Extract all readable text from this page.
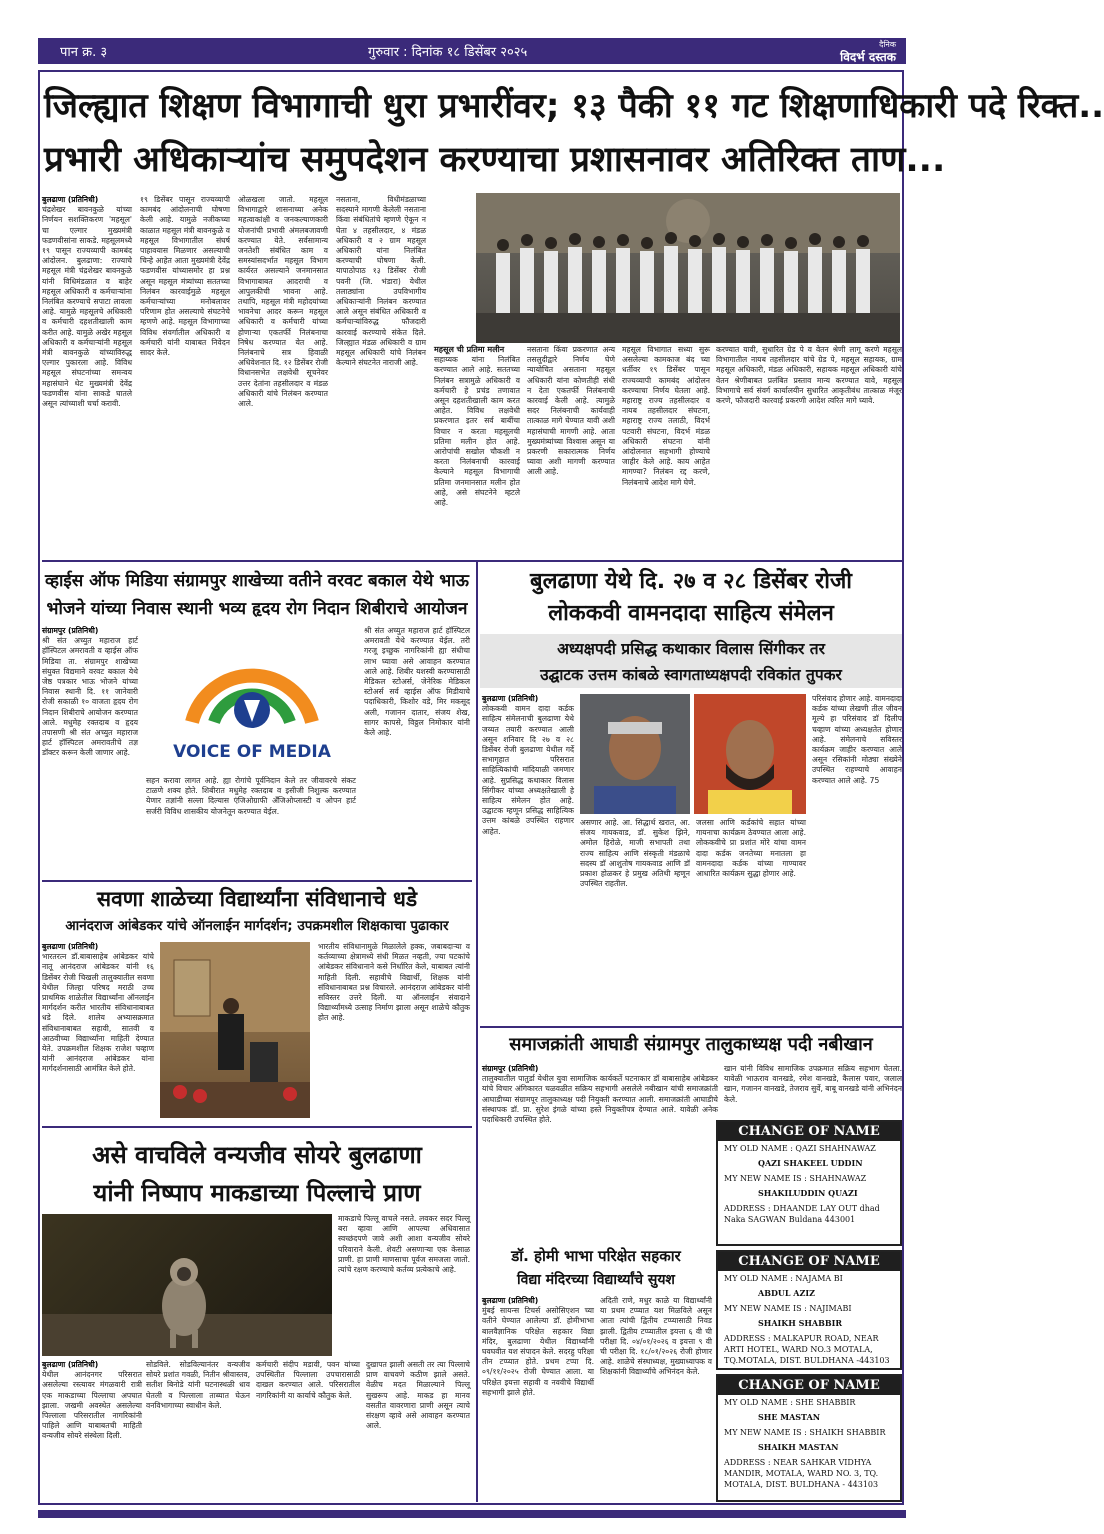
पान क्र. ३	गुरुवार : दिनांक १८ डिसेंबर २०२५
दैनिक
विदर्भ दस्तक
जिल्ह्यात शिक्षण विभागाची धुरा प्रभारींवर; १३ पैकी ११ गट शिक्षणाधिकारी पदे रिक्त..
प्रभारी अधिकाऱ्यांच समुपदेशन करण्याचा प्रशासनावर अतिरिक्त ताण...
बुलढाणा (प्रतिनिधी)
चंद्रशेखर बावनकुळे यांच्या निर्णयन सशक्तिकरण 'महसूल' चा एल्गार मुख्यमंत्री फडणवीसांना साकडे. महसूलमध्ये १९ पासून राज्यव्यापी कामबंद आंदोलन. बुलढाणा: राज्याचे महसूल मंत्री चंद्रशेखर बावनकुळे यांनी विधिमंडळात व बाहेर महसूल अधिकारी व कर्मचाऱ्यांना निलंबित करण्याचे सपाटा लावला आहे. यामुळे महसूलचे अधिकारी व कर्मचारी दहशतीखाली काम करीत आहे. यामुळे अखेर महसूल अधिकारी व कर्मचाऱ्यांनी महसूल मंत्री बावनकुळे यांच्याविरुद्ध एल्गार पुकारला आहे. विविध महसूल संघटनांच्या समन्वय महासंघाने थेट मुख्यमंत्री देवेंद्र फडणवीस यांना साकडे घातले असून त्यांच्याशी चर्चा करावी.
१९ डिसेंबर पासून राज्यव्यापी कामबंद आंदोलनाची घोषणा केली आहे. यामुळे नजीकच्या काळात महसूल मंत्री बावनकुळे व महसूल विभागातील संघर्ष पाहावयास मिळणार असल्याची चिन्हे आहेत आता मुख्यमंत्री देवेंद्र फडणवीस यांच्यासमोर हा प्रश्न असून महसूल मंत्र्यांच्या सततच्या निलंबन कारवाईमुळे महसूल कर्मचाऱ्यांच्या मनोबलावर परिणाम होत असल्याचे संघटनेचे म्हणणे आहे. महसूल विभागाच्या विविध संवर्गातील अधिकारी व कर्मचारी यांनी याबाबत निवेदन सादर केले.
ओळखला जातो. महसूल विभागाद्वारे शासनाच्या अनेक महत्वाकांक्षी व जनकल्याणकारी योजनांची प्रभावी अंमलबजावणी करण्यात येते. सर्वसामान्य जनतेशी संबंधित काम व समस्यांसदर्भात महसूल विभाग कार्यरत असल्याने जनमानसात विभागाबाबत आदराची व आपुलकीची भावना आहे. तथापि, महसूल मंत्री महोदयांच्या भावनेचा आदर करून महसूल अधिकारी व कर्मचारी यांच्या होणाऱ्या एकतर्फी निलंबनाचा निषेध करण्यात येत आहे. निलंबनाचे सत्र हिवाळी अधिवेशनात दि. १२ डिसेंबर रोजी विधानसभेत लक्षवेधी सूचनेवर उत्तर देतांना तहसीलदार व मंडळ अधिकारी यांचे निलंबन करण्यात आले.
नसताना, विधीमंडळाच्या सदस्याने मागणी केलेली नसताना किंवा संबंधितांचे म्हणणे ऐकून न घेता ४ तहसीलदार, ४ मंडळ अधिकारी व २ ग्राम महसूल अधिकारी यांना निलंबित करण्याची घोषणा केली. यापाठोपाठ १३ डिसेंबर रोजी पवनी (जि. भंडारा) येथील तलाठ्यांना उपविभागीय अधिकाऱ्यांनी निलंबन करण्यात आले असून संबंधित अधिकारी व कर्मचाऱ्यांविरुद्ध फौजदारी कारवाई करण्याचे संकेत दिले. जिल्ह्यात मंडळ अधिकारी व ग्राम महसूल अधिकारी यांचे निलंबन केल्याने संघटनेत नाराजी आहे.
महसूल ची प्रतिमा मलीन
सहाय्यक यांना निलंबित करण्यात आले आहे. सततच्या निलंबन सत्रामुळे अधिकारी व कर्मचारी हे प्रचंड तणावात असून दहशतीखाली काम करत आहेत. विविध लक्षवेधी प्रकरणात इतर सर्व बाबींचा विचार न करता महसूलची प्रतिमा मलीन होत आहे. आरोपांची सखोल चौकशी न करता निलंबनाची कारवाई केल्याने महसूल विभागाची प्रतिमा जनमानसात मलीन होत आहे, असे संघटनेने म्हटले आहे.
नसताना किंवा प्रकरणात अन्य तसलुदीद्वारे निर्णय घेणे न्यायोचित असताना महसूल अधिकारी यांना कोणतीही संधी न देता एकतर्फी निलंबनाची कारवाई केली आहे. त्यामुळे सदर निलंबनाची कार्यवाही तात्काळ मागे घेण्यात यावी अशी महासंघाची मागणी आहे. आता मुख्यमंत्र्यांच्या विश्वास असून या प्रकरणी सकारात्मक निर्णय घ्यावा अशी मागणी करण्यात आली आहे.
महसूल विभागात सध्या सुरू असलेल्या कामकाज बंद च्या धर्तीवर १९ डिसेंबर पासून राज्यव्यापी कामबंद आंदोलन करण्याचा निर्णय घेतला आहे. महाराष्ट्र राज्य तहसीलदार व नायब तहसीलदार संघटना, महाराष्ट्र राज्य तलाठी, विदर्भ पटवारी संघटना, विदर्भ मंडळ अधिकारी संघटना यांनी आंदोलनात सहभागी होण्याचे जाहीर केले आहे. काय आहेत मागण्या? निलंबन रद्द करणे, निलंबनाचे आदेश मागे घेणे.
करण्यात यावी, सुधारित ग्रेड पे व वेतन श्रेणी लागू करणे महसूल विभागातील नायब तहसीलदार यांचे ग्रेड पे, महसूल सहायक, ग्राम महसूल अधिकारी, मंडळ अधिकारी, सहायक महसूल अधिकारी यांचे वेतन श्रेणीबाबत प्रलंबित प्रस्ताव मान्य करण्यात यावे, महसूल विभागाचे सर्व संवर्ग कार्यालयीन सुधारित आकृतीबंध तात्काळ मंजूर करणे, फौजदारी कारवाई प्रकरणी आदेश त्वरित मागे घ्यावे.
व्हाईस ऑफ मिडिया संग्रामपुर शाखेच्या वतीने वरवट बकाल येथे भाऊ
भोजने यांच्या निवास स्थानी भव्य हृदय रोग निदान शिबीराचे आयोजन
संग्रामपुर (प्रतिनिधी)
श्री संत अच्युत महाराज हार्ट हॉस्पिटल अमरावती व व्हाईस ऑफ मिडिया ता. संग्रामपुर शाखेच्या संयुक्त विद्यमाने वरवट बकाल येथे जेष्ठ पत्रकार भाऊ भोजने यांच्या निवास स्थानी दि. ११ जानेवारी रोजी सकाळी १० वाजता हृदय रोग निदान शिबीराचे आयोजन करण्यात आले. मधुमेह रक्तदाब व हृदय तपासणी श्री संत अच्युत महाराज हार्ट हॉस्पिटल अमरावतीचे तज्ञ डॉक्टर करून केली जाणार आहे.	VOICE OF MEDIA
सहन करावा लागत आहे. ह्या रोगांचे पूर्वनिदान केले तर जीवावरचे संकट टाळणे शक्य होते. शिबीरात मधुमेह रक्तदाब व इसीजी निशुल्क करण्यात येणार तज्ञांनी सल्ला दिल्यास एंजिओग्राफी अँजिओप्लास्टी व ओपन हार्ट सर्जरी विविध शासकीय योजनेतून करण्यात येईल.
श्री संत अच्युत महाराज हार्ट हॉस्पिटल अमरावती येथे करण्यात येईल. तरी गरजू इच्छुक नागरिकांनी ह्या संधीचा लाभ घ्यावा असे आवाहन करण्यात आले आहे. शिबीर यशस्वी करण्यासाठी मेडिकल स्टोअर्स, जेनेरिक मेडिकल स्टोअर्स सर्व व्हाईस ऑफ मिडीयाचे पदाधिकारी, किशोर वडे, मिर मकसूद अली, गजानन दातार, संजय शेख, सागर कापसे, विठ्ठल निमोकार यांनी केले आहे.
सवणा शाळेच्या विद्यार्थ्यांना संविधानाचे धडे
आनंदराज आंबेडकर यांचे ऑनलाईन मार्गदर्शन; उपक्रमशील शिक्षकाचा पुढाकार
बुलढाणा (प्रतिनिधी)
भारतरत्न डॉ.बाबासाहेब आंबेडकर यांचे नातू आनंदराज आंबेडकर यांनी १६ डिसेंबर रोजी चिखली तालुक्यातील सवणा येथील जिल्हा परिषद मराठी उच्च प्राथमिक शाळेतील विद्यार्थ्यांना ऑनलाईन मार्गदर्शन करीत भारतीय संविधानाबाबत धडे दिले. शालेय अभ्यासक्रमात संविधानाबाबत सहावी, सातवी व आठवीच्या विद्यार्थ्यांना माहिती देण्यात येते. उपक्रमशील शिक्षक राजेश चव्हाण यांनी आनंदराज आंबेडकर यांना मार्गदर्शनासाठी आमंत्रित केले होते.
भारतीय संविधानामुळे मिळालेले हक्क, जबाबदाऱ्या व कर्तव्याच्या क्षेत्रामध्ये संधी मिळत नव्हती, ज्या घटकांचे आंबेडकर संविधानाने कसे निर्धारित केले, याबाबत त्यांनी माहिती दिली. सहावीचे विद्यार्थी, शिक्षक यांनी संविधानाबाबत प्रश्न विचारले. आनंदराज आंबेडकर यांनी सविस्तर उत्तरे दिली. या ऑनलाईन संवादाने विद्यार्थ्यांमध्ये उत्साह निर्माण झाला असून शाळेचे कौतुक होत आहे.
असे वाचविले वन्यजीव सोयरे बुलढाणा
यांनी निष्पाप माकडाच्या पिल्लाचे प्राण
माकडाचे पिल्लू वाचले नसते. लवकर सदर पिल्लू बरा व्हावा आणि आपल्या अधिवासात स्वच्छंदपणे जावे अशी आशा वन्यजीव सोयरे परिवाराने केली. शेवटी असणाऱ्या एक केसाळ प्राणी. हा प्राणी माणसाचा पूर्वज समजला जातो. त्यांचे रक्षण करण्याचे कर्तव्य प्रत्येकाचे आहे.
बुलढाणा (प्रतिनिधी)
येथील आनंदनगर परिसरात असलेल्या रस्त्यावर मंगळवारी रात्री एक माकडाच्या पिल्लाचा अपघात झाला. जखमी अवस्थेत असलेल्या पिल्लाला परिसरातील नागरिकांनी पाहिले आणि याबाबतची माहिती वन्यजीव सोयरे संस्थेला दिली.
सोडविले. सोडविल्यानंतर वन्यजीव सोयरे प्रशांत गवळी, नितीन श्रीवास्तव, सतीश बिनोडे यांनी घटनास्थळी धाव घेतली व पिल्लाला ताब्यात घेऊन वनविभागाच्या स्वाधीन केले.
कर्मचारी संदीप मडावी, पवन यांच्या उपस्थितीत पिल्लाला उपचारासाठी दाखल करण्यात आले. परिसरातील नागरिकांनी या कार्याचे कौतुक केले.
दुखापत झाली असती तर त्या पिल्लाचे प्राण वाचवणे कठीण झाले असते. वेळीच मदत मिळाल्याने पिल्लू सुखरूप आहे. माकड हा मानव वसतीत वावरणारा प्राणी असून त्याचे संरक्षण व्हावे असे आवाहन करण्यात आले.
बुलढाणा येथे दि. २७ व २८ डिसेंबर रोजी
लोककवी वामनदादा साहित्य संमेलन
अध्यक्षपदी प्रसिद्ध कथाकार विलास सिंगीकर तर
उद्घाटक उत्तम कांबळे स्वागताध्यक्षपदी रविकांत तुपकर
बुलढाणा (प्रतिनिधी)
लोककवी वामन दादा कर्डक साहित्य संमेलनाची बुलढाणा येथे जय्यत तयारी करण्यात आली असून शनिवार दि २७ व २८ डिसेंबर रोजी बुलढाणा येथील गर्दे सभागृहात परिसरात साहित्यिकांची मांदियाळी जमणार आहे. सुप्रसिद्ध कथाकार विलास सिंगीकर यांच्या अध्यक्षतेखाली हे साहित्य संमेलन होत आहे. उद्घाटक म्हणून प्रसिद्ध साहित्यिक उत्तम कांबळे उपस्थित राहणार आहेत.
परिसंवाद होणार आहे. वामनदादा कर्डक यांच्या लेखणी तील जीवन मूल्ये हा परिसंवाद डॉ दिलीप चव्हाण यांच्या अध्यक्षतेत होणार आहे. संमेलनाचे सविस्तर कार्यक्रम जाहीर करण्यात आले असून रसिकांनी मोठ्या संख्येने उपस्थित राहण्याचे आवाहन करण्यात आले आहे. 75
असणार आहे. आ. सिद्धार्थ खरात, आ. संजय गायकवाड, डॉ. सुकेश झिने, अमोल हिरोळे, माजी सभापती तथा राज्य साहित्य आणि संस्कृती मंडळाचे सदस्य डॉ आशुतोष गायकवाड आणि डॉ प्रकाश होळकर हे प्रमुख अतिथी म्हणून उपस्थित राहतील.
जलसा आणि कर्डकांचे सहात यांच्या गायनाचा कार्यक्रम ठेवण्यात आला आहे. लोककवीचे प्रा प्रशांत मोरे यांचा वामन दादा कर्डक जनतेच्या मनातला हा वामनदादा कर्डक यांच्या गाण्यावर आधारित कार्यक्रम सुद्धा होणार आहे.
समाजक्रांती आघाडी संग्रामपुर तालुकाध्यक्ष पदी नबीखान
संग्रामपुर (प्रतिनिधी)
तालुक्यातील पातुर्डा येथील युवा सामाजिक कार्यकर्ते घटनाकार डॉ बाबासाहेब आंबेडकर यांचे विचार अंगिकारत चळवळीत सक्रिय सहभागी असलेले नबीखान यांची समाजक्रांती आघाडीच्या संग्रामपूर तालुकाध्यक्ष पदी नियुक्ती करण्यात आली. समाजक्रांती आघाडीचे संस्थापक डॉ. प्रा. सुरेश इंगळे यांच्या हस्ते नियुक्तीपत्र देण्यात आले. यावेळी अनेक पदाधिकारी उपस्थित होते.
खान यांनी विविध सामाजिक उपक्रमात सक्रिय सहभाग घेतला. यावेळी भाऊराव वानखडे, रमेश वानखडे, कैलास पवार, जलाल खान, गजानन वानखडे, तेजराव सुर्वे, बाबू वानखडे यांनी अभिनंदन केले.
डॉ. होमी भाभा परिक्षेत सहकार
विद्या मंदिरच्या विद्यार्थ्यांचे सुयश
बुलढाणा (प्रतिनिधी)
मुंबई सायन्स टिचर्स असोसिएशन च्या वतीने घेण्यात आलेल्या डॉ. होमीभाभा बालवैज्ञानिक परिक्षेत सहकार विद्या मंदिर, बुलढाणा येथील विद्यार्थ्यांनी घवघवीत यश संपादन केले. सदरहु परिक्षा तीन टप्प्यात होते. प्रथम टप्पा दि. ०९/११/२०२५ रोजी घेण्यात आला. या परिक्षेत इयत्ता सहावी व नववीचे विद्यार्थी सहभागी झाले होते.
अदिती राणे, मधुर काळे या विद्यार्थ्यांनी या प्रथम टप्प्यात यश मिळविले असून आता त्यांची द्वितीय टप्प्यासाठी निवड झाली. द्वितीय टप्प्यातील इयत्ता ६ वी ची परीक्षा दि. ०४/०१/२०२६ व इयत्ता ९ वी ची परीक्षा दि. १८/०१/२०२६ रोजी होणार आहे. शाळेचे संस्थाध्यक्ष, मुख्याध्यापक व शिक्षकांनी विद्यार्थ्यांचे अभिनंदन केले.
CHANGE OF NAME
MY OLD NAME : QAZI SHAHNAWAZ
QAZI SHAKEEL UDDIN
MY NEW NAME IS : SHAHNAWAZ
SHAKILUDDIN QUAZI
ADDRESS : DHAANDE LAY OUT dhad Naka SAGWAN Buldana 443001
CHANGE OF NAME
MY OLD NAME : NAJAMA BI
ABDUL AZIZ
MY NEW NAME IS : NAJIMABI
SHAIKH SHABBIR
ADDRESS : MALKAPUR ROAD, NEAR ARTI HOTEL, WARD NO.3 MOTALA, TQ.MOTALA, DIST. BULDHANA -443103
CHANGE OF NAME
MY OLD NAME : SHE SHABBIR
SHE MASTAN
MY NEW NAME IS : SHAIKH SHABBIR
SHAIKH MASTAN
ADDRESS : NEAR SAHKAR VIDHYA MANDIR, MOTALA, WARD NO. 3, TQ. MOTALA, DIST. BULDHANA - 443103
